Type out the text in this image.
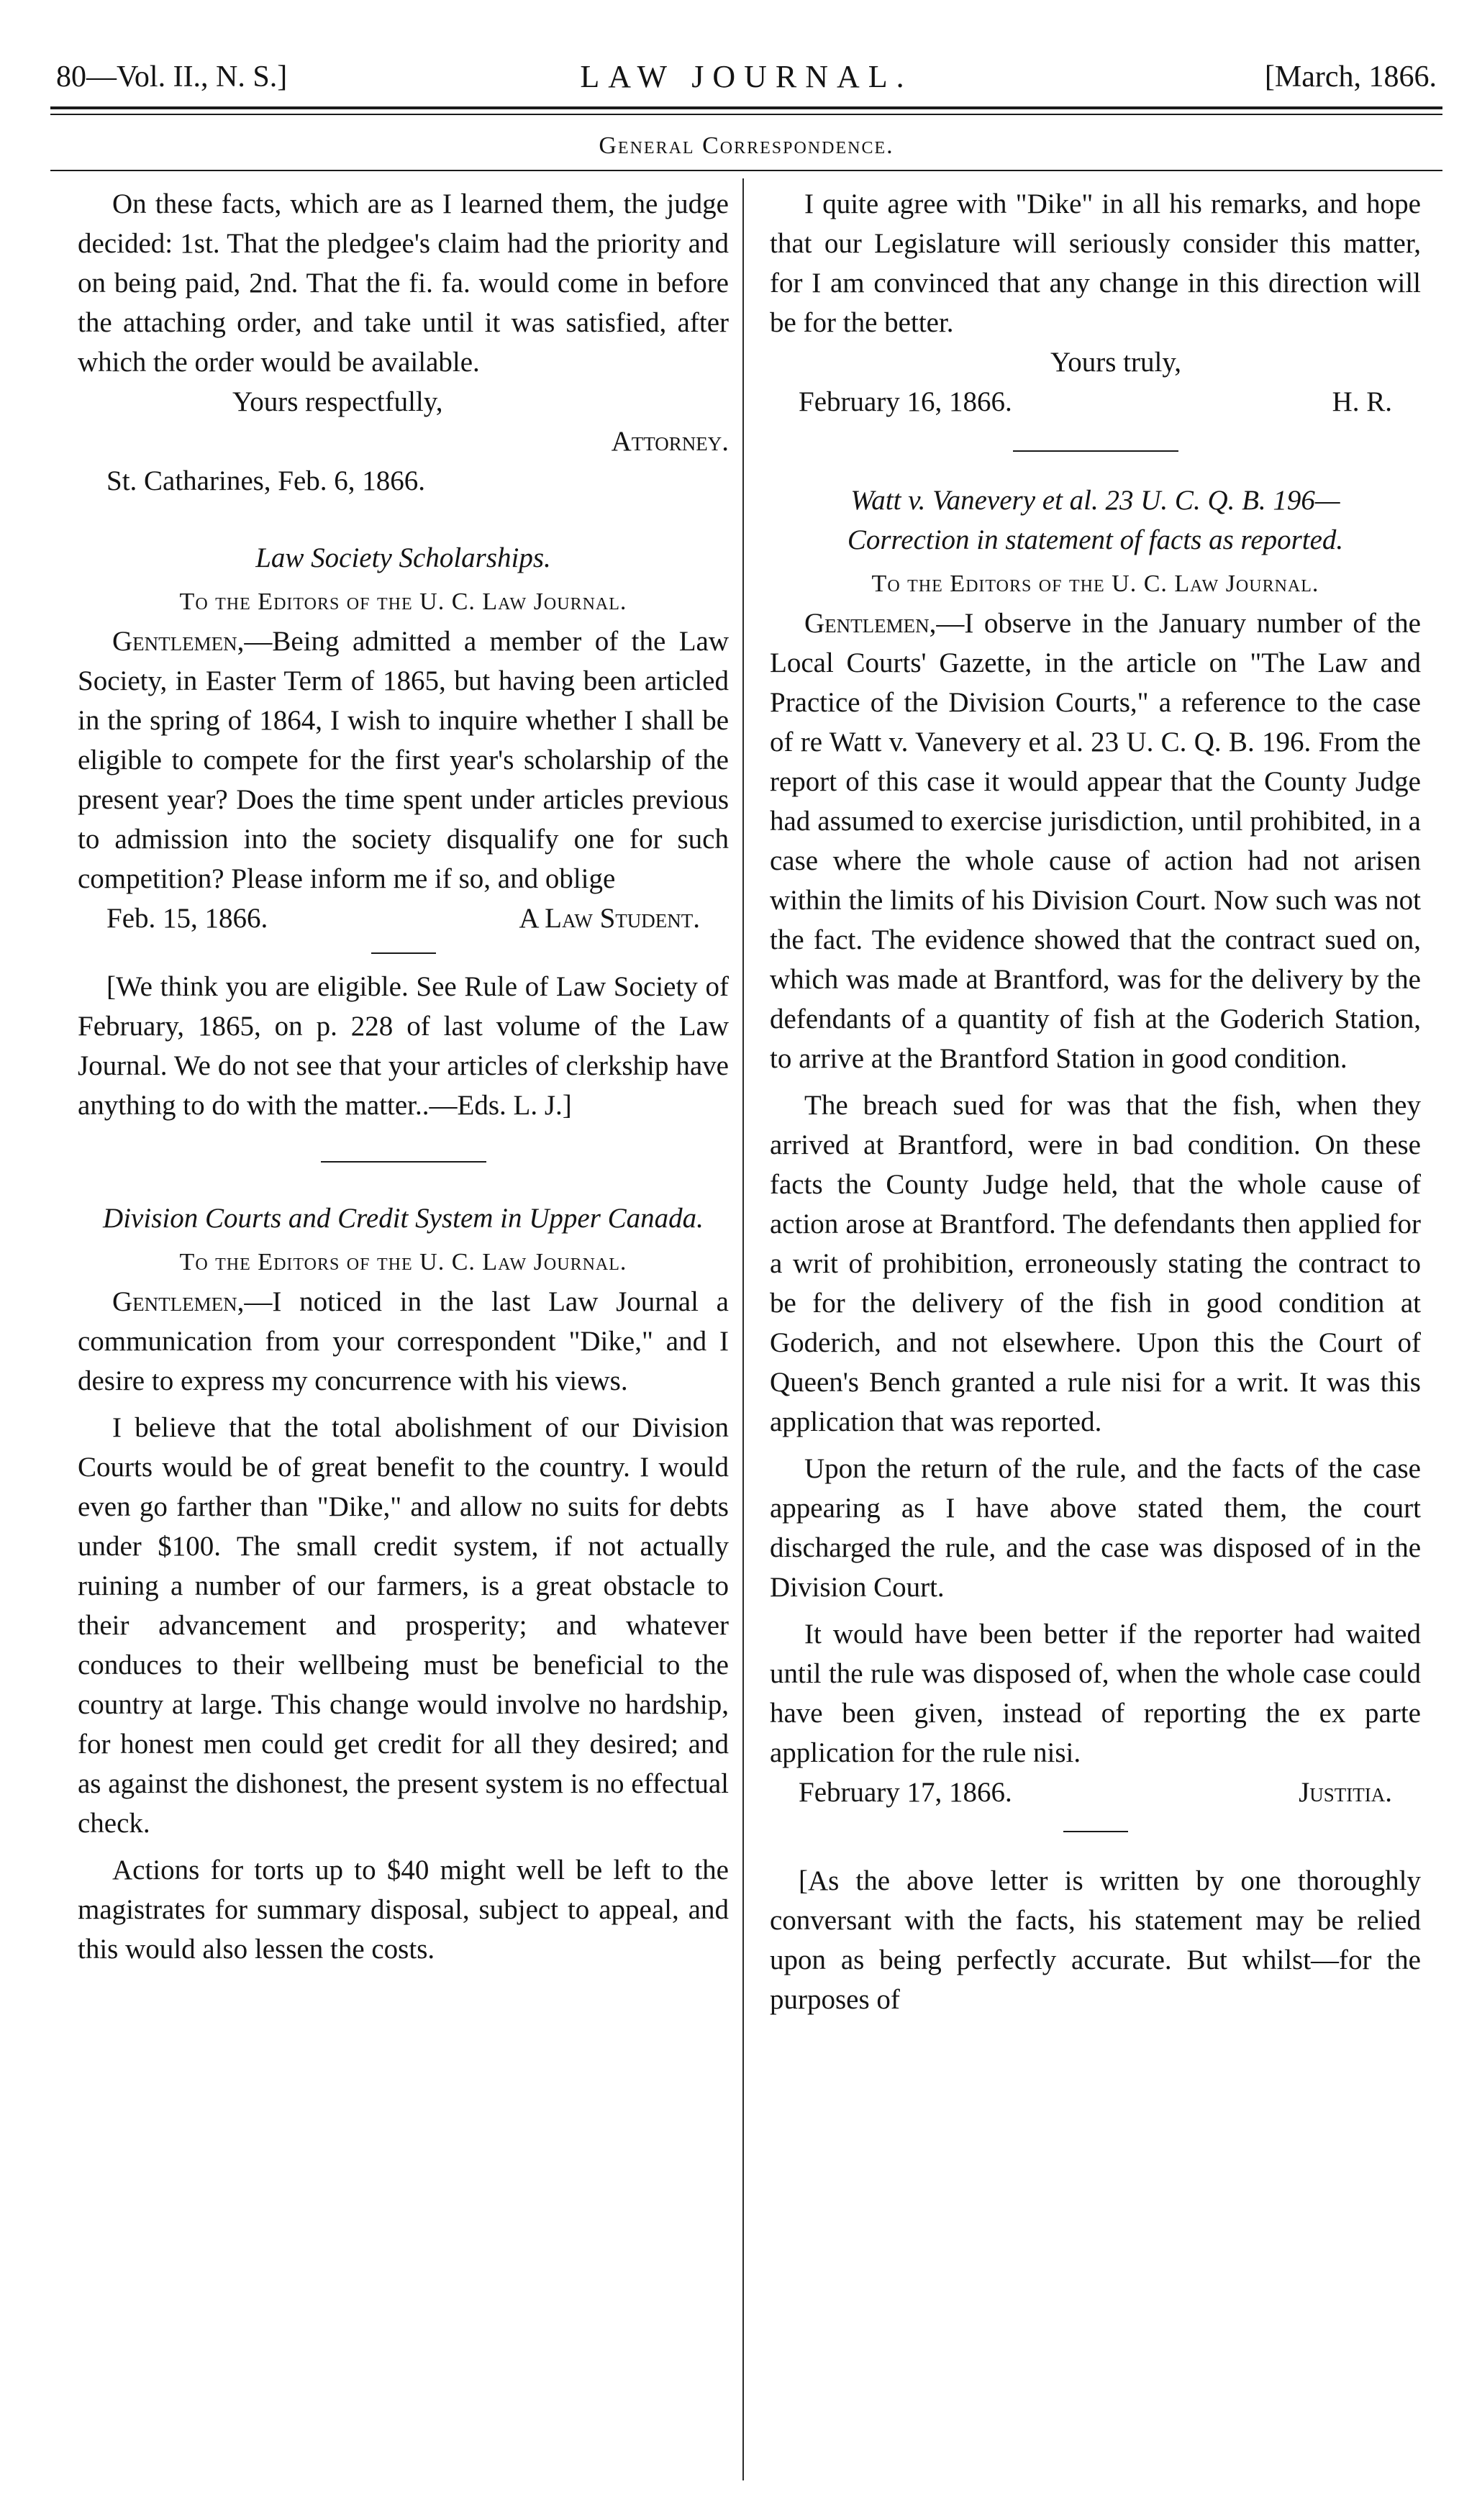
80—Vol. II., N. S.]	LAW JOURNAL.	[March, 1866.
General Correspondence.

On these facts, which are as I learned them, the judge decided: 1st. That the pledgee's claim had the priority and on being paid, 2nd. That the fi. fa. would come in before the attaching order, and take until it was satisfied, after which the order would be available.

Yours respectfully,

Attorney.

St. Catharines, Feb. 6, 1866.

Law Society Scholarships.

To the Editors of the U. C. Law Journal.

Gentlemen,—Being admitted a member of the Law Society, in Easter Term of 1865, but having been articled in the spring of 1864, I wish to inquire whether I shall be eligible to compete for the first year's scholarship of the present year? Does the time spent under articles previous to admission into the society disqualify one for such competition? Please inform me if so, and oblige

Feb. 15, 1866.	A Law Student.

[We think you are eligible. See Rule of Law Society of February, 1865, on p. 228 of last volume of the Law Journal. We do not see that your articles of clerkship have anything to do with the matter..—Eds. L. J.]

Division Courts and Credit System in Upper Canada.

To the Editors of the U. C. Law Journal.

Gentlemen,—I noticed in the last Law Journal a communication from your correspondent "Dike," and I desire to express my concurrence with his views.

I believe that the total abolishment of our Division Courts would be of great benefit to the country. I would even go farther than "Dike," and allow no suits for debts under $100. The small credit system, if not actually ruining a number of our farmers, is a great obstacle to their advancement and prosperity; and whatever conduces to their wellbeing must be beneficial to the country at large. This change would involve no hardship, for honest men could get credit for all they desired; and as against the dishonest, the present system is no effectual check.

Actions for torts up to $40 might well be left to the magistrates for summary disposal, subject to appeal, and this would also lessen the costs.

I quite agree with "Dike" in all his remarks, and hope that our Legislature will seriously consider this matter, for I am convinced that any change in this direction will be for the better.

Yours truly,

February 16, 1866.	H. R.

Watt v. Vanevery et al. 23 U. C. Q. B. 196—

Correction in statement of facts as reported.

To the Editors of the U. C. Law Journal.

Gentlemen,—I observe in the January number of the Local Courts' Gazette, in the article on "The Law and Practice of the Division Courts," a reference to the case of re Watt v. Vanevery et al. 23 U. C. Q. B. 196. From the report of this case it would appear that the County Judge had assumed to exercise jurisdiction, until prohibited, in a case where the whole cause of action had not arisen within the limits of his Division Court. Now such was not the fact. The evidence showed that the contract sued on, which was made at Brantford, was for the delivery by the defendants of a quantity of fish at the Goderich Station, to arrive at the Brantford Station in good condition.

The breach sued for was that the fish, when they arrived at Brantford, were in bad condition. On these facts the County Judge held, that the whole cause of action arose at Brantford. The defendants then applied for a writ of prohibition, erroneously stating the contract to be for the delivery of the fish in good condition at Goderich, and not elsewhere. Upon this the Court of Queen's Bench granted a rule nisi for a writ. It was this application that was reported.

Upon the return of the rule, and the facts of the case appearing as I have above stated them, the court discharged the rule, and the case was disposed of in the Division Court.

It would have been better if the reporter had waited until the rule was disposed of, when the whole case could have been given, instead of reporting the ex parte application for the rule nisi.

February 17, 1866.	Justitia.

[As the above letter is written by one thoroughly conversant with the facts, his statement may be relied upon as being perfectly accurate. But whilst—for the purposes of
